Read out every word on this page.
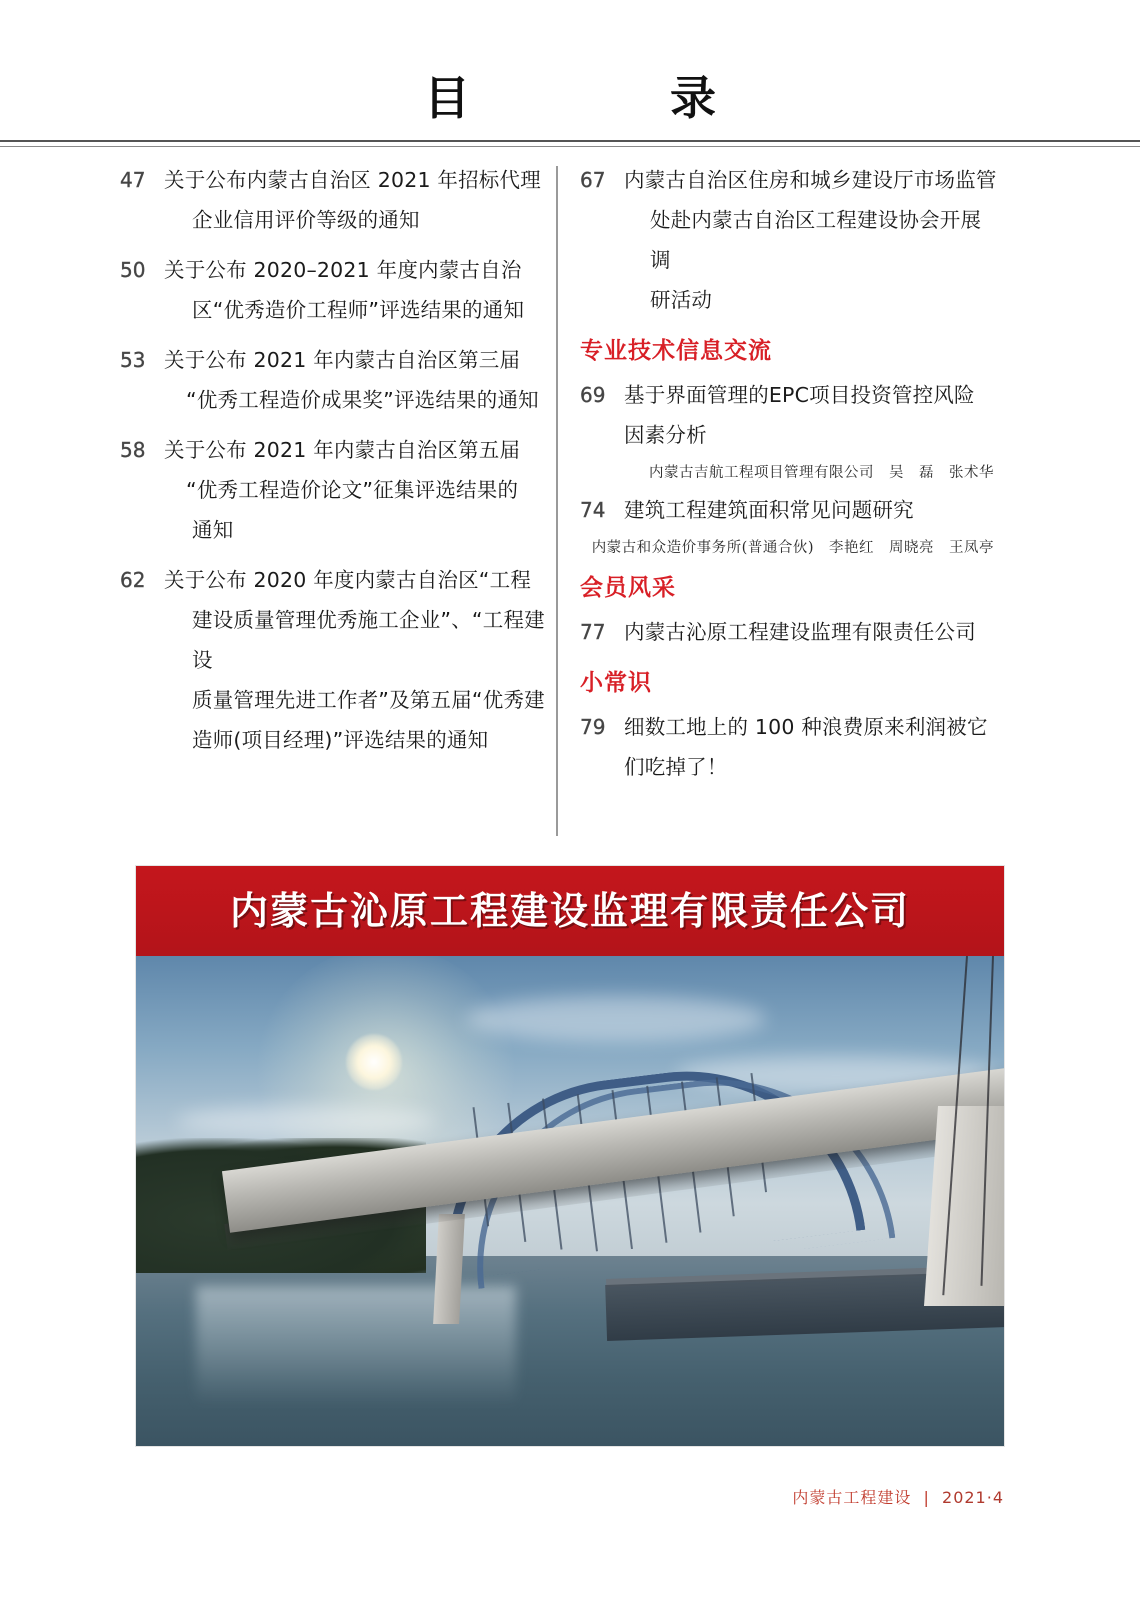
目　　录
47 关于公布内蒙古自治区 2021 年招标代理
企业信用评价等级的通知
50 关于公布 2020–2021 年度内蒙古自治
区“优秀造价工程师”评选结果的通知
53 关于公布 2021 年内蒙古自治区第三届
“优秀工程造价成果奖”评选结果的通知
58 关于公布 2021 年内蒙古自治区第五届
“优秀工程造价论文”征集评选结果的
通知
62 关于公布 2020 年度内蒙古自治区“工程
建设质量管理优秀施工企业”、“工程建设
质量管理先进工作者”及第五届“优秀建
造师(项目经理)”评选结果的通知
67 内蒙古自治区住房和城乡建设厅市场监管
处赴内蒙古自治区工程建设协会开展调
研活动
专业技术信息交流
69 基于界面管理的EPC项目投资管控风险
因素分析
内蒙古吉航工程项目管理有限公司　吴　磊　张术华
74 建筑工程建筑面积常见问题研究
内蒙古和众造价事务所(普通合伙)　李艳红　周晓亮　王凤亭
会员风采
77 内蒙古沁原工程建设监理有限责任公司
小常识
79 细数工地上的 100 种浪费原来利润被它
们吃掉了！
内蒙古沁原工程建设监理有限责任公司
内蒙古工程建设 | 2021·4
